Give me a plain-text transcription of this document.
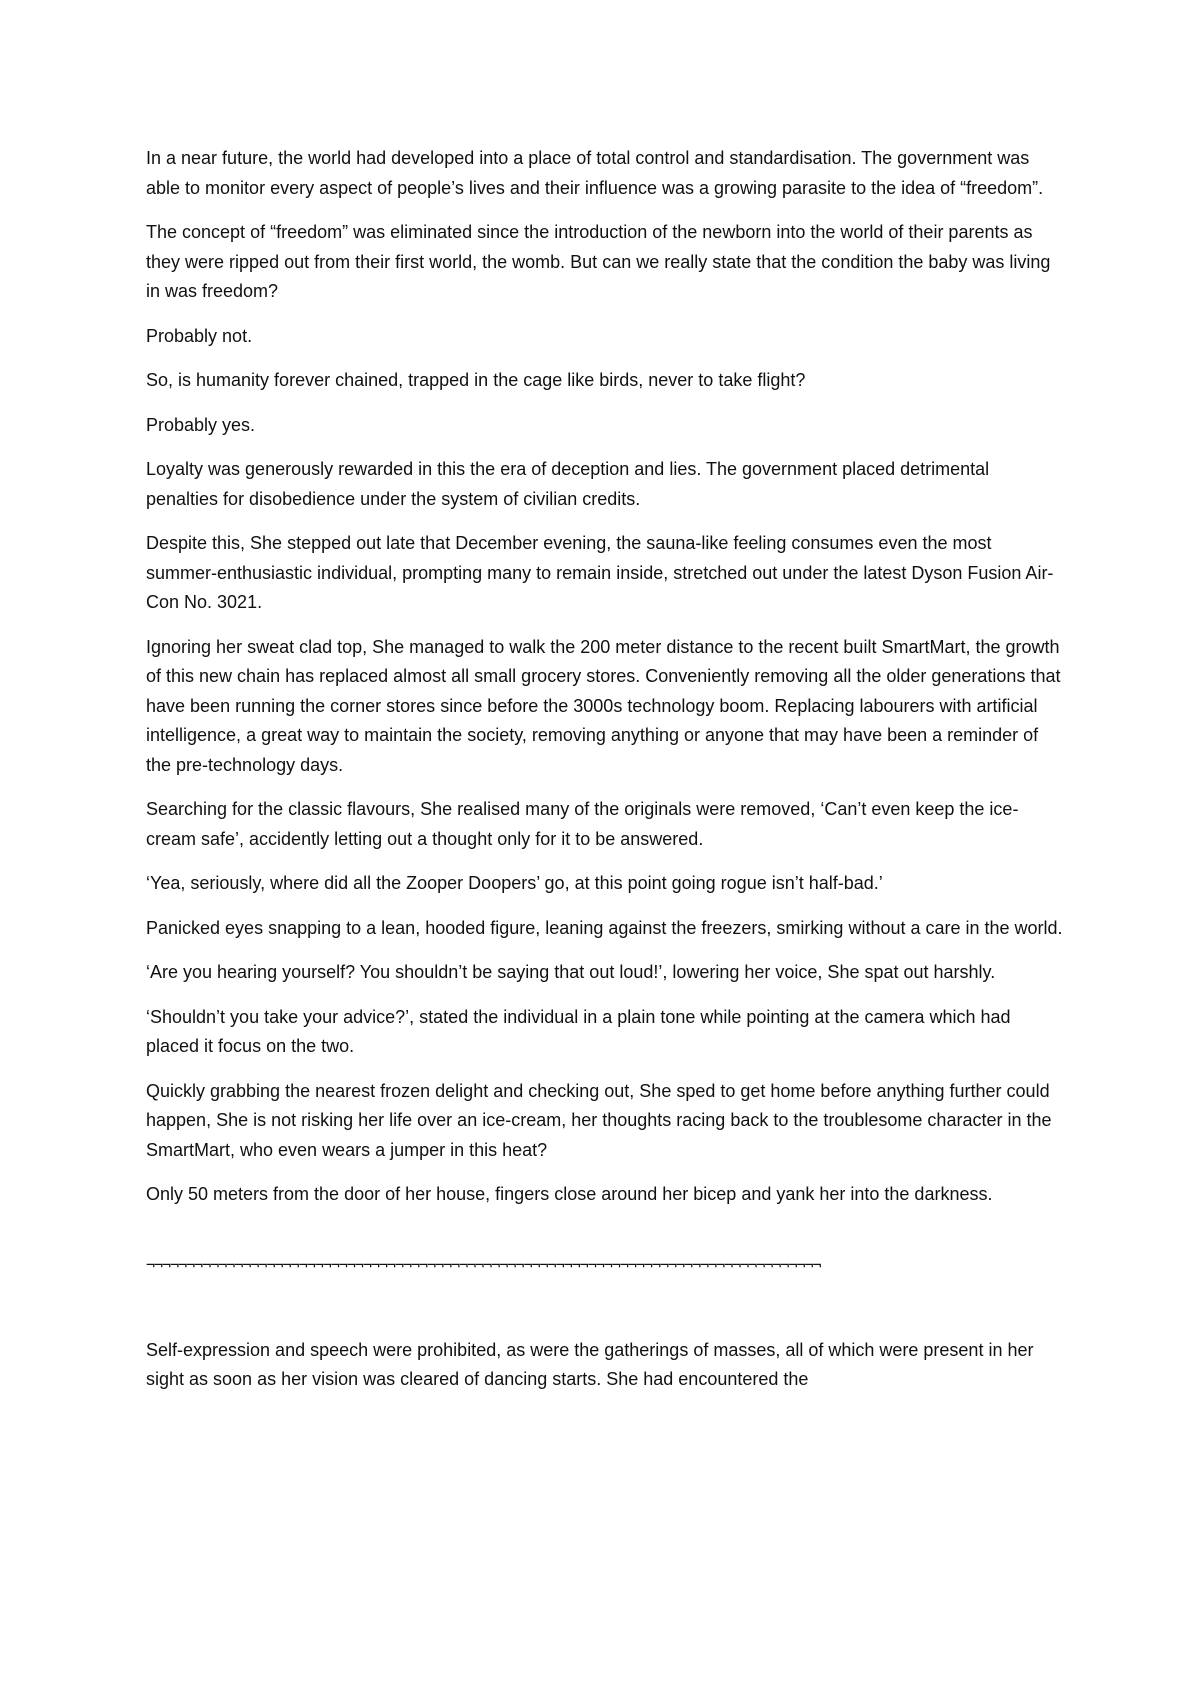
In a near future, the world had developed into a place of total control and standardisation. The government was able to monitor every aspect of people’s lives and their influence was a growing parasite to the idea of “freedom”.

The concept of “freedom” was eliminated since the introduction of the newborn into the world of their parents as they were ripped out from their first world, the womb. But can we really state that the condition the baby was living in was freedom?

Probably not.

So, is humanity forever chained, trapped in the cage like birds, never to take flight?

Probably yes.

Loyalty was generously rewarded in this the era of deception and lies. The government placed detrimental penalties for disobedience under the system of civilian credits.

Despite this, She stepped out late that December evening, the sauna-like feeling consumes even the most summer-enthusiastic individual, prompting many to remain inside, stretched out under the latest Dyson Fusion Air-Con No. 3021.

Ignoring her sweat clad top, She managed to walk the 200 meter distance to the recent built SmartMart, the growth of this new chain has replaced almost all small grocery stores. Conveniently removing all the older generations that have been running the corner stores since before the 3000s technology boom. Replacing labourers with artificial intelligence, a great way to maintain the society, removing anything or anyone that may have been a reminder of the pre-technology days.

Searching for the classic flavours, She realised many of the originals were removed, ‘Can’t even keep the ice-cream safe’, accidently letting out a thought only for it to be answered.

‘Yea, seriously, where did all the Zooper Doopers’ go, at this point going rogue isn’t half-bad.’

Panicked eyes snapping to a lean, hooded figure, leaning against the freezers, smirking without a care in the world.

‘Are you hearing yourself? You shouldn’t be saying that out loud!’, lowering her voice, She spat out harshly.

‘Shouldn’t you take your advice?’, stated the individual in a plain tone while pointing at the camera which had placed it focus on the two.

Quickly grabbing the nearest frozen delight and checking out, She sped to get home before anything further could happen, She is not risking her life over an ice-cream, her thoughts racing back to the troublesome character in the SmartMart, who even wears a jumper in this heat?

Only 50 meters from the door of her house, fingers close around her bicep and yank her into the darkness.

¬¬¬¬¬¬¬¬¬¬¬¬¬¬¬¬¬¬¬¬¬¬¬¬¬¬¬¬¬¬¬¬¬¬¬¬¬¬¬¬¬¬¬¬¬¬¬¬¬¬¬¬¬¬¬¬¬¬¬¬¬¬¬¬¬¬¬¬¬¬¬¬¬¬¬¬¬¬¬¬¬¬¬¬

Self-expression and speech were prohibited, as were the gatherings of masses, all of which were present in her sight as soon as her vision was cleared of dancing starts. She had encountered the
